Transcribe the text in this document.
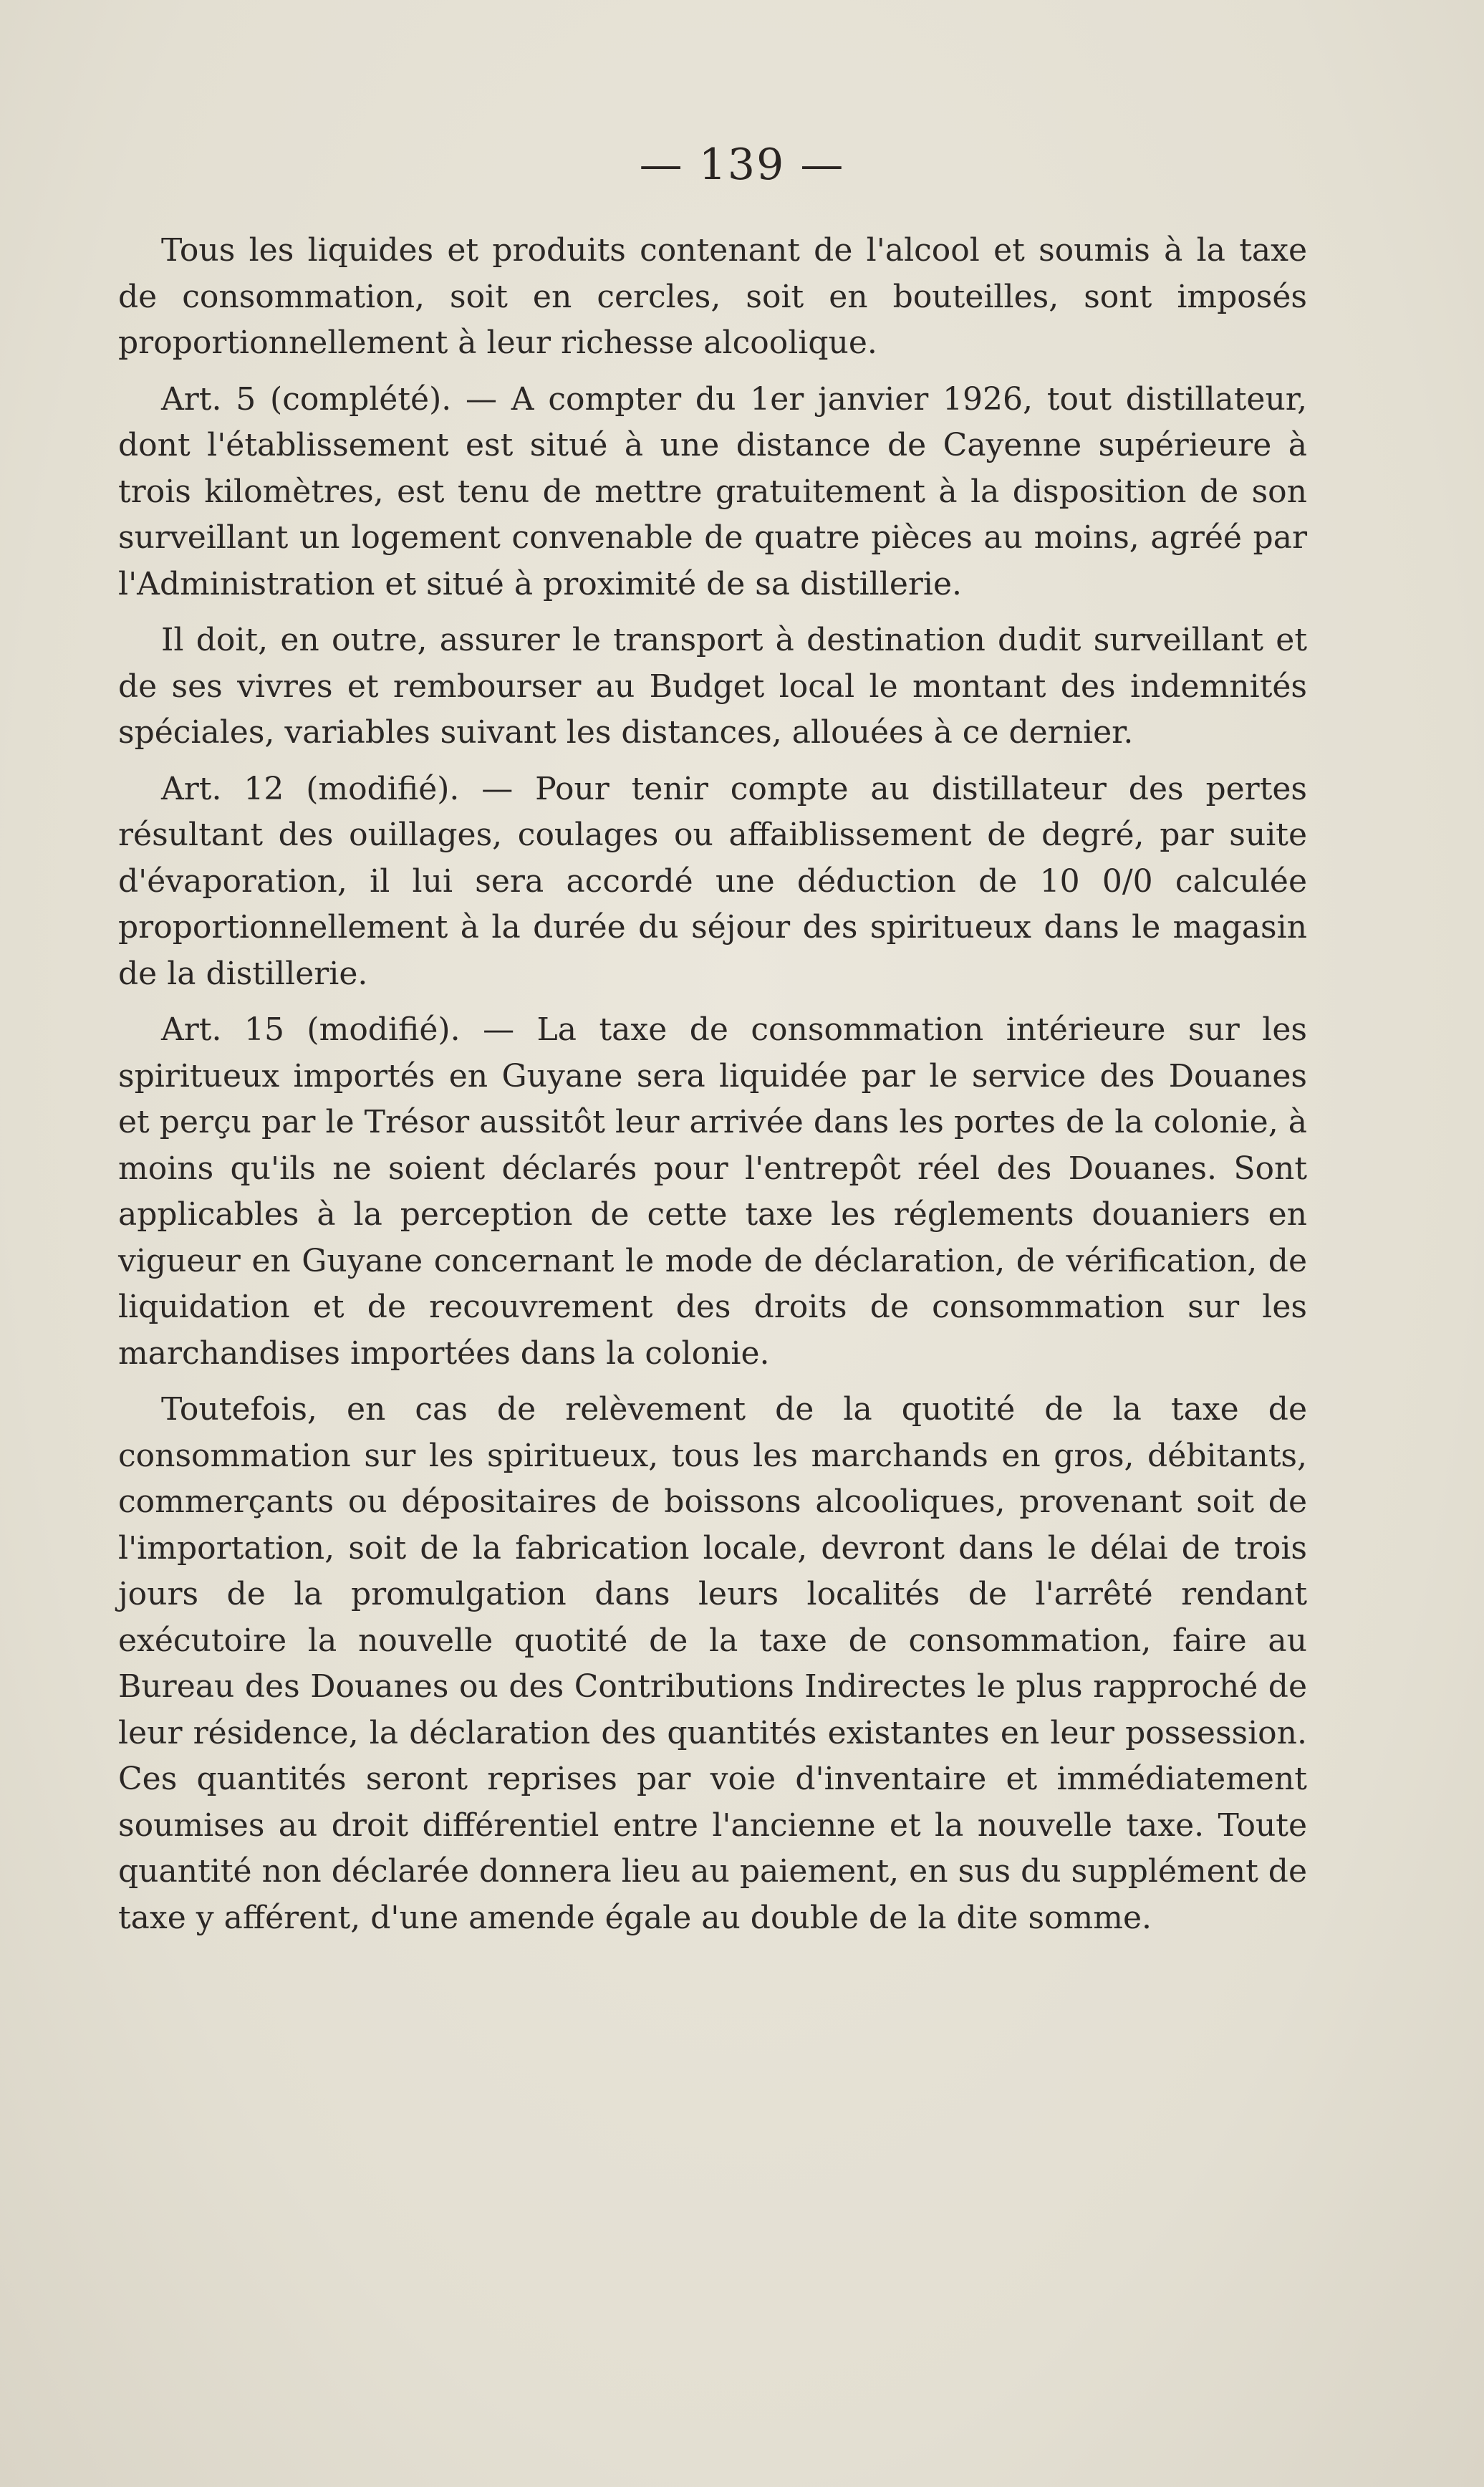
— 139 —

Tous les liquides et produits contenant de l'alcool et soumis à la taxe de consommation, soit en cercles, soit en bouteilles, sont imposés proportionnellement à leur richesse alcoolique.

Art. 5 (complété). — A compter du 1er janvier 1926, tout distillateur, dont l'établissement est situé à une distance de Cayenne supérieure à trois kilomètres, est tenu de mettre gratuitement à la disposition de son surveillant un logement convenable de quatre pièces au moins, agréé par l'Administration et situé à proximité de sa distillerie.

Il doit, en outre, assurer le transport à destination dudit surveillant et de ses vivres et rembourser au Budget local le montant des indemnités spéciales, variables suivant les distances, allouées à ce dernier.

Art. 12 (modifié). — Pour tenir compte au distillateur des pertes résultant des ouillages, coulages ou affaiblissement de degré, par suite d'évaporation, il lui sera accordé une déduction de 10 0/0 calculée proportionnellement à la durée du séjour des spiritueux dans le magasin de la distillerie.

Art. 15 (modifié). — La taxe de consommation intérieure sur les spiritueux importés en Guyane sera liquidée par le service des Douanes et perçu par le Trésor aussitôt leur arrivée dans les portes de la colonie, à moins qu'ils ne soient déclarés pour l'entrepôt réel des Douanes. Sont applicables à la perception de cette taxe les réglements douaniers en vigueur en Guyane concernant le mode de déclaration, de vérification, de liquidation et de recouvrement des droits de consommation sur les marchandises importées dans la colonie.

Toutefois, en cas de relèvement de la quotité de la taxe de consommation sur les spiritueux, tous les marchands en gros, débitants, commerçants ou dépositaires de boissons alcooliques, provenant soit de l'importation, soit de la fabrication locale, devront dans le délai de trois jours de la promulgation dans leurs localités de l'arrêté rendant exécutoire la nouvelle quotité de la taxe de consommation, faire au Bureau des Douanes ou des Contributions Indirectes le plus rapproché de leur résidence, la déclaration des quantités existantes en leur possession. Ces quantités seront reprises par voie d'inventaire et immédiatement soumises au droit différentiel entre l'ancienne et la nouvelle taxe. Toute quantité non déclarée donnera lieu au paiement, en sus du supplément de taxe y afférent, d'une amende égale au double de la dite somme.
